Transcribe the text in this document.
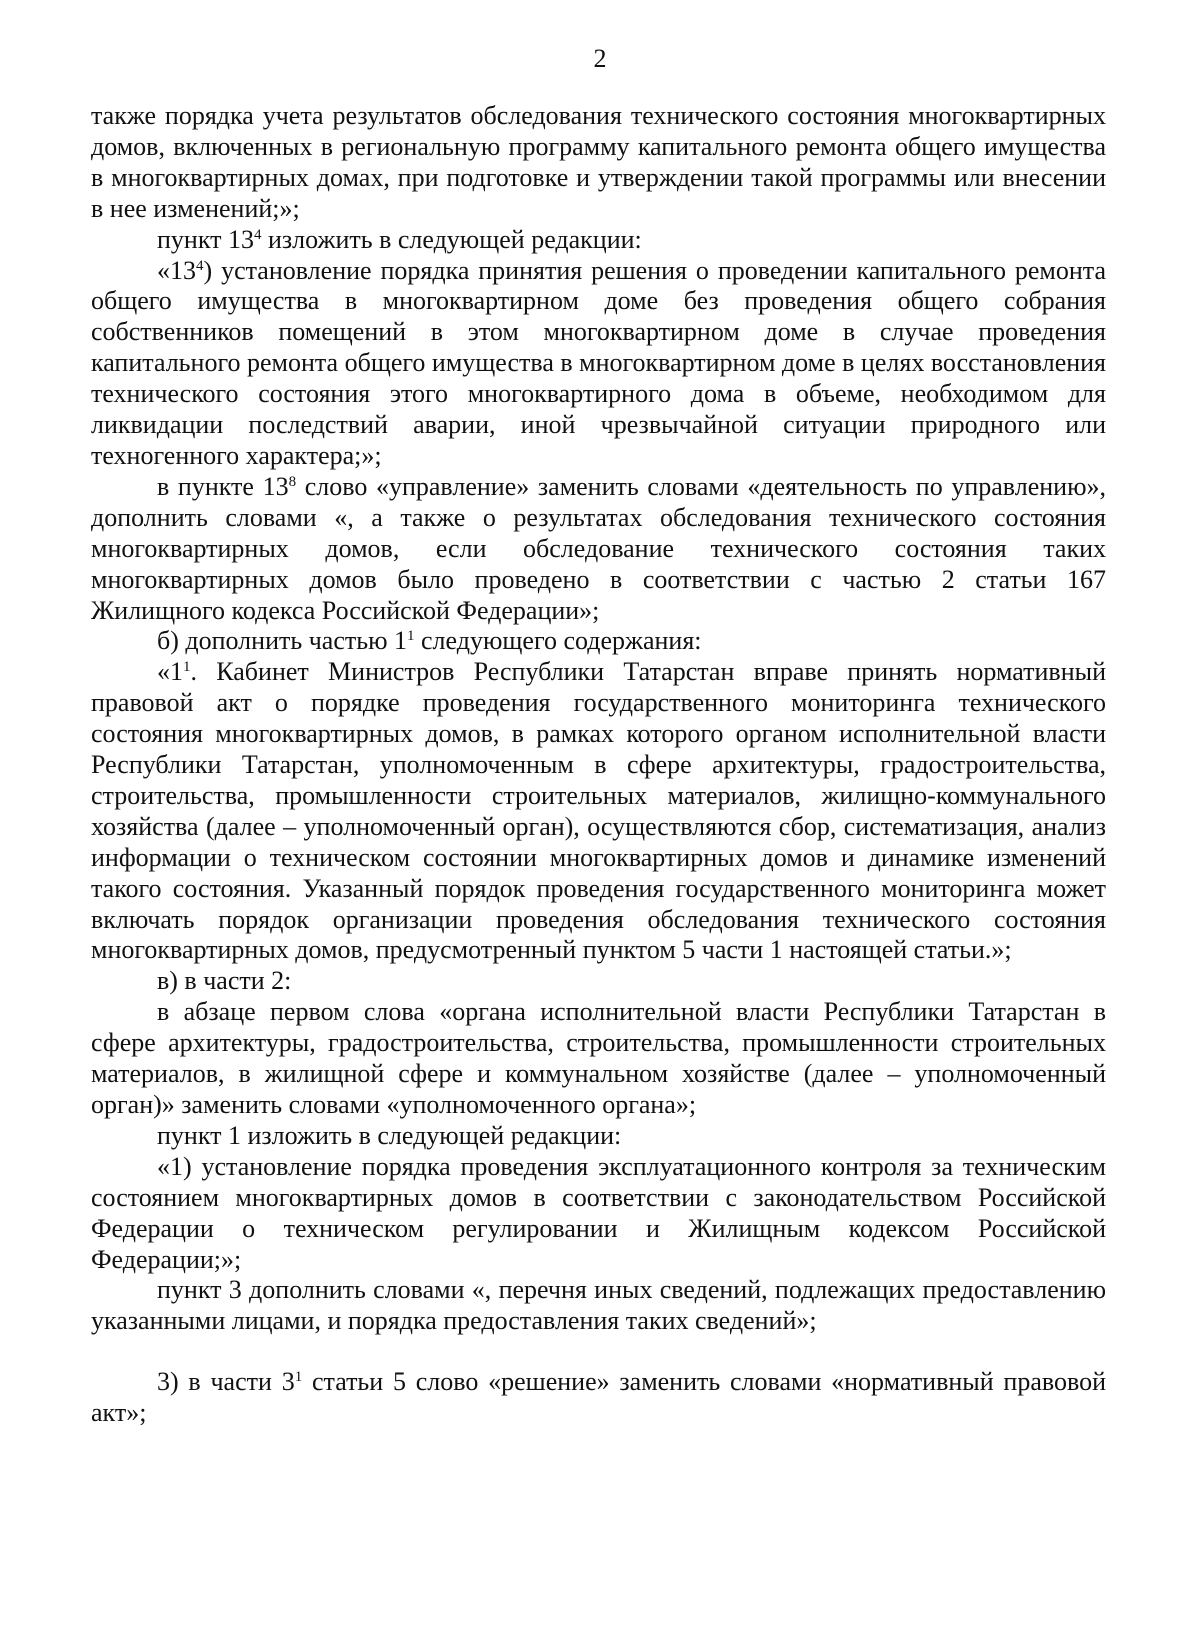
2

также порядка учета результатов обследования технического состояния многоквартирных домов, включенных в региональную программу капитального ремонта общего имущества в многоквартирных домах, при подготовке и утверждении такой программы или внесении в нее изменений;»;

пункт $13^4$ изложить в следующей редакции:

«$13^4$) установление порядка принятия решения о проведении капитального ремонта общего имущества в многоквартирном доме без проведения общего собрания собственников помещений в этом многоквартирном доме в случае проведения капитального ремонта общего имущества в многоквартирном доме в целях восстановления технического состояния этого многоквартирного дома в объеме, необходимом для ликвидации последствий аварии, иной чрезвычайной ситуации природного или техногенного характера;»;

в пункте $13^8$ слово «управление» заменить словами «деятельность по управлению», дополнить словами «, а также о результатах обследования технического состояния многоквартирных домов, если обследование технического состояния таких многоквартирных домов было проведено в соответствии с частью 2 статьи 167 Жилищного кодекса Российской Федерации»;

б) дополнить частью $1^1$ следующего содержания:

«$1^1$. Кабинет Министров Республики Татарстан вправе принять нормативный правовой акт о порядке проведения государственного мониторинга технического состояния многоквартирных домов, в рамках которого органом исполнительной власти Республики Татарстан, уполномоченным в сфере архитектуры, градостроительства, строительства, промышленности строительных материалов, жилищно-коммунального хозяйства (далее – уполномоченный орган), осуществляются сбор, систематизация, анализ информации о техническом состоянии многоквартирных домов и динамике изменений такого состояния. Указанный порядок проведения государственного мониторинга может включать порядок организации проведения обследования технического состояния многоквартирных домов, предусмотренный пунктом 5 части 1 настоящей статьи.»;

в) в части 2:

в абзаце первом слова «органа исполнительной власти Республики Татарстан в сфере архитектуры, градостроительства, строительства, промышленности строительных материалов, в жилищной сфере и коммунальном хозяйстве (далее – уполномоченный орган)» заменить словами «уполномоченного органа»;

пункт 1 изложить в следующей редакции:

«1) установление порядка проведения эксплуатационного контроля за техническим состоянием многоквартирных домов в соответствии с законодательством Российской Федерации о техническом регулировании и Жилищным кодексом Российской Федерации;»;

пункт 3 дополнить словами «, перечня иных сведений, подлежащих предоставлению указанными лицами, и порядка предоставления таких сведений»;

3) в части $3^1$ статьи 5 слово «решение» заменить словами «нормативный правовой акт»;
